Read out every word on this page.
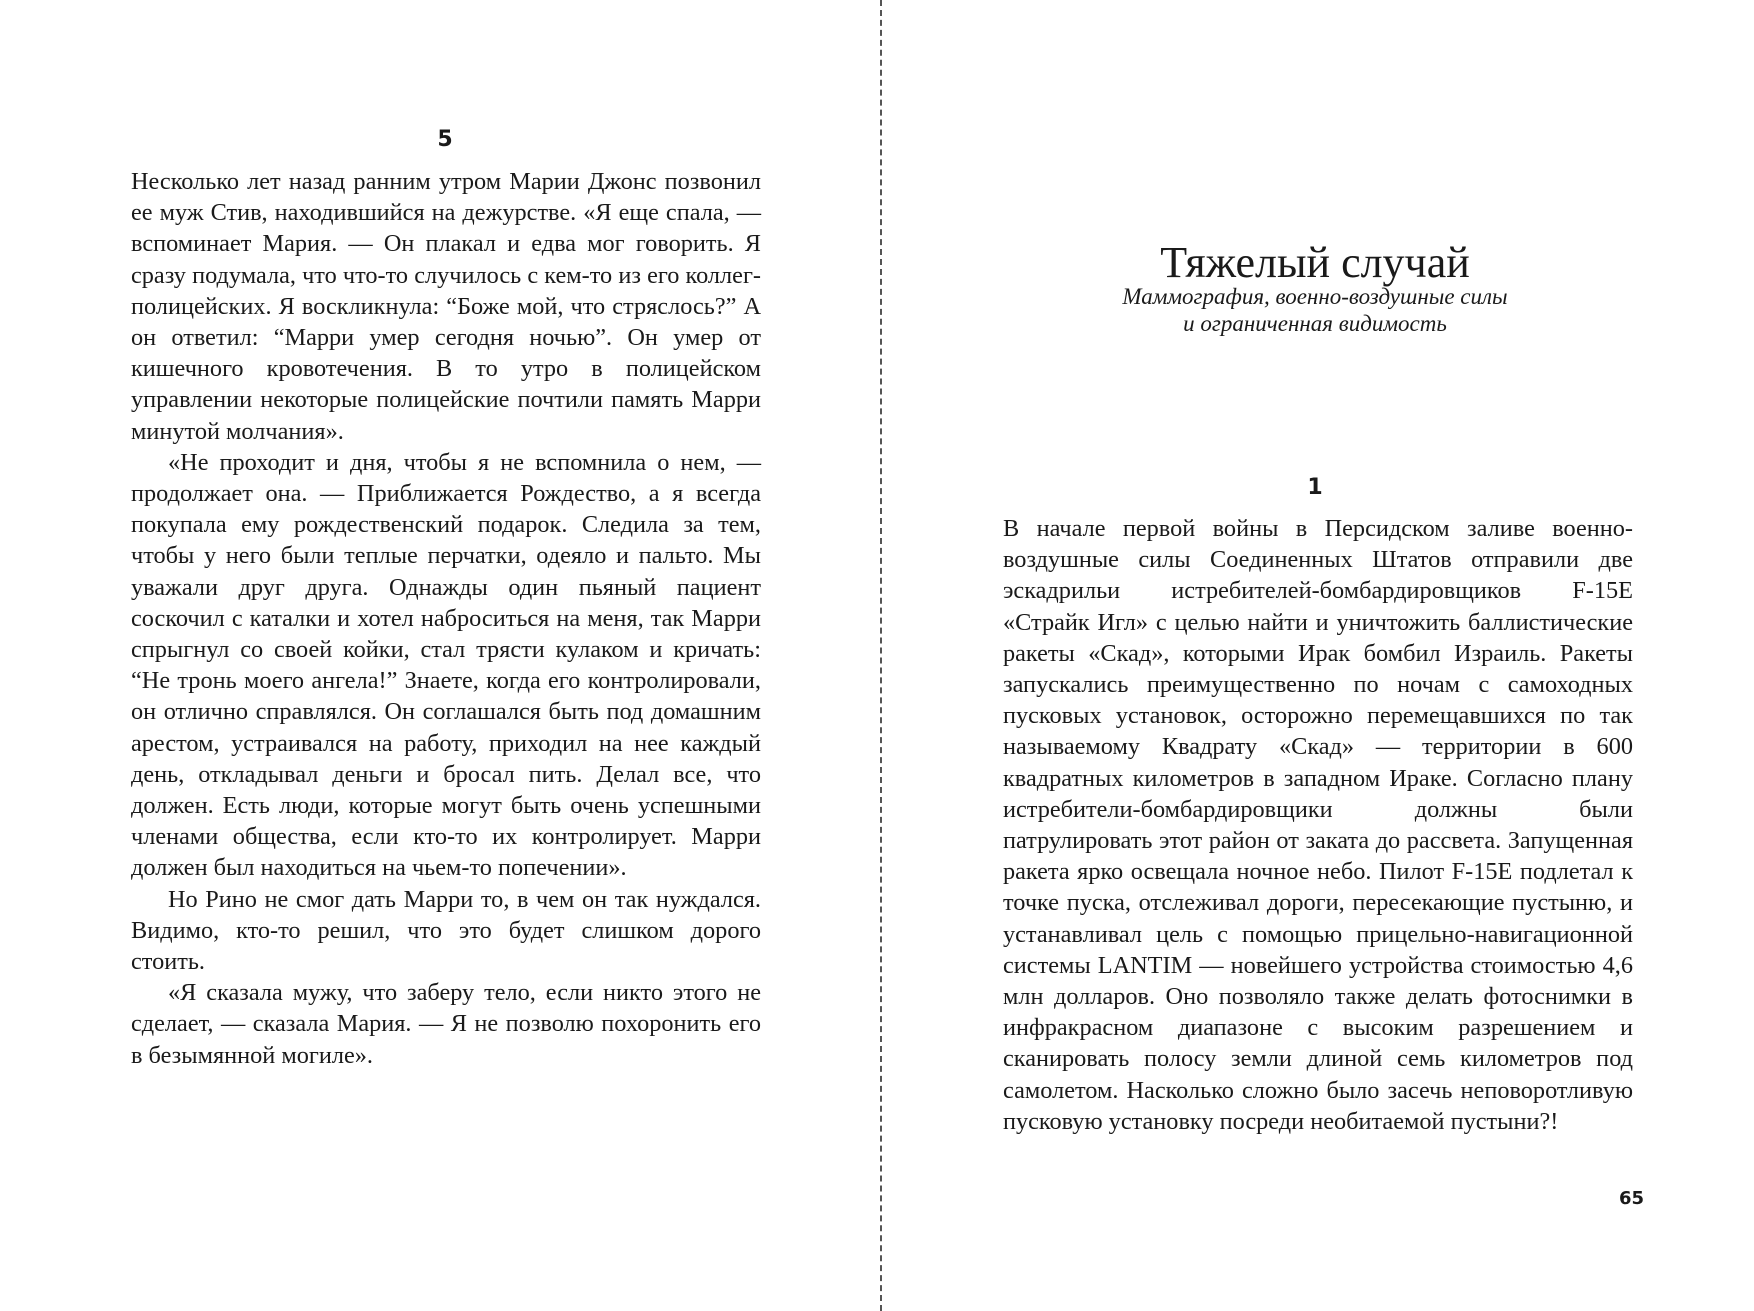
5

Несколько лет назад ранним утром Марии Джонс позвонил ее муж Стив, находившийся на дежурстве. «Я еще спала, — вспоминает Мария. — Он плакал и едва мог говорить. Я сразу подумала, что что-то случилось с кем-то из его коллег-полицейских. Я воскликнула: “Боже мой, что стряслось?” А он ответил: “Марри умер сегодня ночью”. Он умер от кишечного кровотечения. В то утро в полицейском управлении некоторые полицейские почтили память Марри минутой молчания».

«Не проходит и дня, чтобы я не вспомнила о нем, — продолжает она. — Приближается Рождество, а я всегда покупала ему рождественский подарок. Следила за тем, чтобы у него были теплые перчатки, одеяло и пальто. Мы уважали друг друга. Однажды один пьяный пациент соскочил с каталки и хотел наброситься на меня, так Марри спрыгнул со своей койки, стал трясти кулаком и кричать: “Не тронь моего ангела!” Знаете, когда его контролировали, он отлично справлялся. Он соглашался быть под домашним арестом, устраивался на работу, приходил на нее каждый день, откладывал деньги и бросал пить. Делал все, что должен. Есть люди, которые могут быть очень успешными членами общества, если кто-то их контролирует. Марри должен был находиться на чьем-то попечении».

Но Рино не смог дать Марри то, в чем он так нуждался. Видимо, кто-то решил, что это будет слишком дорого стоить.

«Я сказала мужу, что заберу тело, если никто этого не сделает, — сказала Мария. — Я не позволю похоронить его в безымянной могиле».

Тяжелый случай
Маммография, военно-воздушные силы
и ограниченная видимость
1

В начале первой войны в Персидском заливе военно-воздушные силы Соединенных Штатов отправили две эскадрильи истребителей-бомбардировщиков F-15E «Страйк Игл» с целью найти и уничтожить баллистические ракеты «Скад», которыми Ирак бомбил Израиль. Ракеты запускались преимущественно по ночам с самоходных пусковых установок, осторожно перемещавшихся по так называемому Квадрату «Скад» — территории в 600 квадратных километров в западном Ираке. Согласно плану истребители-бомбардировщики должны были патрулировать этот район от заката до рассвета. Запущенная ракета ярко освещала ночное небо. Пилот F-15E подлетал к точке пуска, отслеживал дороги, пересекающие пустыню, и устанавливал цель с помощью прицельно-навигационной системы LANTIM — новейшего устройства стоимостью 4,6 млн долларов. Оно позволяло также делать фотоснимки в инфракрасном диапазоне с высоким разрешением и сканировать полосу земли длиной семь километров под самолетом. Насколько сложно было засечь неповоротливую пусковую установку посреди необитаемой пустыни?!

65
